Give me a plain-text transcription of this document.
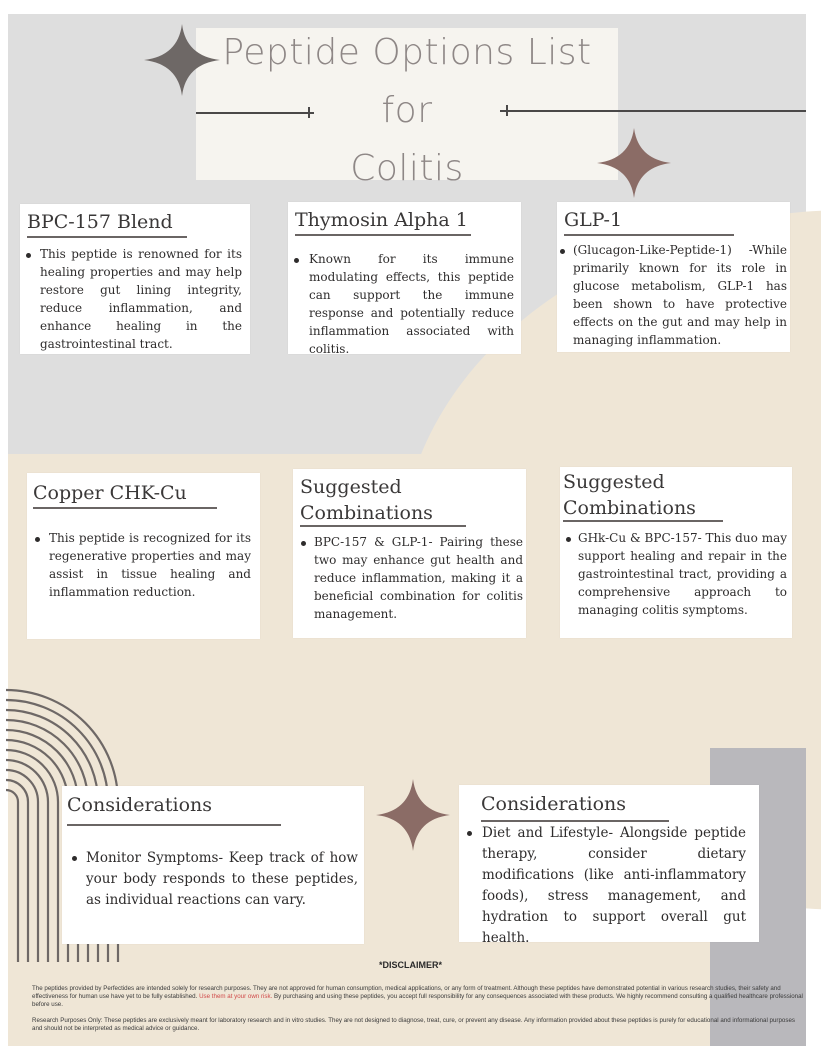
Peptide Options List
for
Colitis
BPC-157 Blend
This peptide is renowned for its healing properties and may help restore gut lining integrity, reduce inflammation, and enhance healing in the gastrointestinal tract.
Thymosin Alpha 1
Known for its immune modulating effects, this peptide can support the immune response and potentially reduce inflammation associated with colitis.
GLP-1
(Glucagon-Like-Peptide-1) -While primarily known for its role in glucose metabolism, GLP-1 has been shown to have protective effects on the gut and may help in managing inflammation.
Copper CHK-Cu
This peptide is recognized for its regenerative properties and may assist in tissue healing and inflammation reduction.
Suggested Combinations
BPC-157 & GLP-1- Pairing these two may enhance gut health and reduce inflammation, making it a beneficial combination for colitis management.
Suggested Combinations
GHk-Cu & BPC-157- This duo may support healing and repair in the gastrointestinal tract, providing a comprehensive approach to managing colitis symptoms.
Considerations
Monitor Symptoms- Keep track of how your body responds to these peptides, as individual reactions can vary.
Considerations
Diet and Lifestyle- Alongside peptide therapy, consider dietary modifications (like anti-inflammatory foods), stress management, and hydration to support overall gut health.
*DISCLAIMER*
The peptides provided by Perfectides are intended solely for research purposes. They are not approved for human consumption, medical applications, or any form of treatment. Although these peptides have demonstrated potential in various research studies, their safety and effectiveness for human use have yet to be fully established. Use them at your own risk. By purchasing and using these peptides, you accept full responsibility for any consequences associated with these products. We highly recommend consulting a qualified healthcare professional before use.
Research Purposes Only: These peptides are exclusively meant for laboratory research and in vitro studies. They are not designed to diagnose, treat, cure, or prevent any disease. Any information provided about these peptides is purely for educational and informational purposes and should not be interpreted as medical advice or guidance.
